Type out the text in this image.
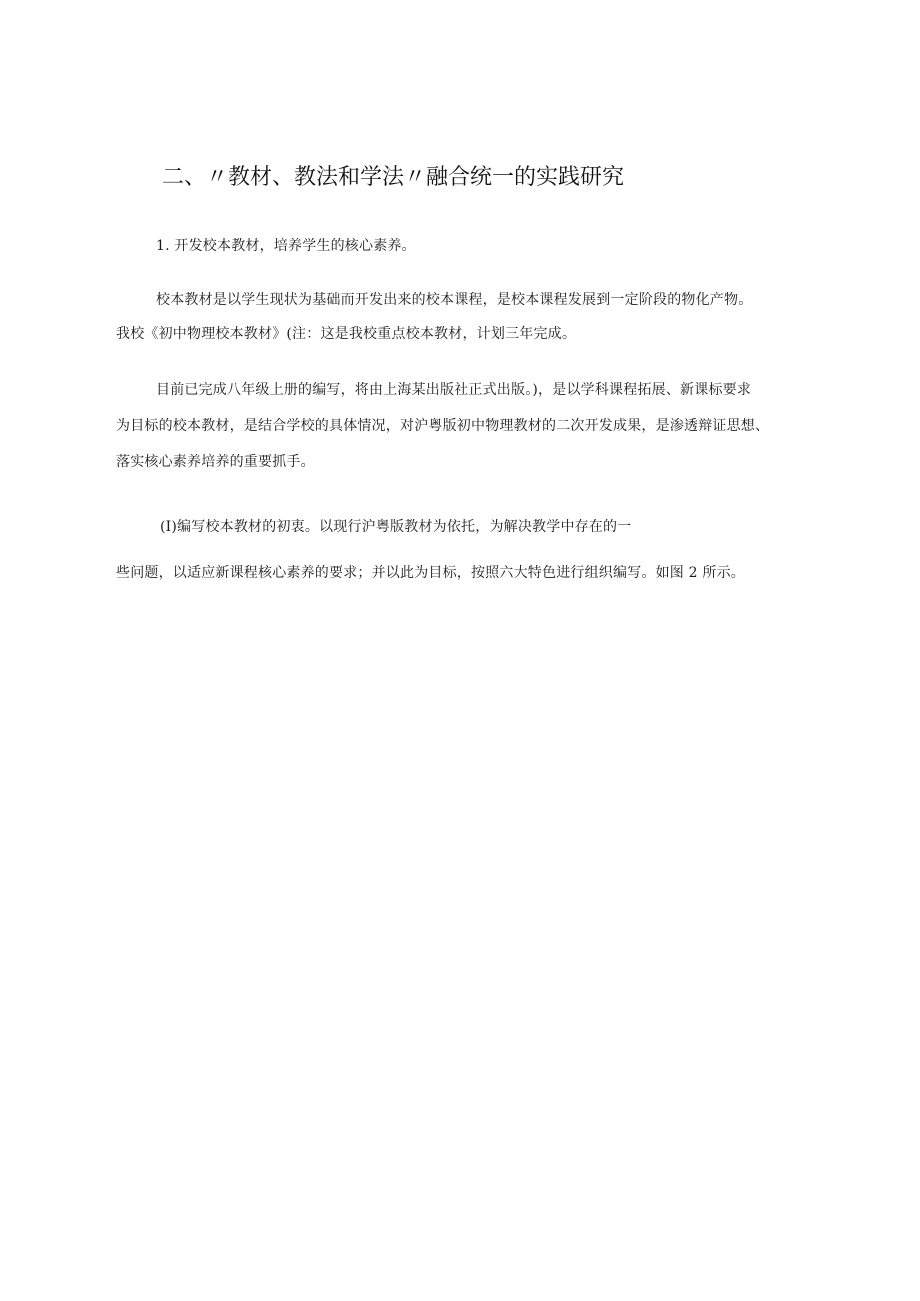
二、〃教材、教法和学法〃融合统一的实践研究
1. 开发校本教材，培养学生的核心素养。
校本教材是以学生现状为基础而开发出来的校本课程，是校本课程发展到一定阶段的物化产物。
我校《初中物理校本教材》(注：这是我校重点校本教材，计划三年完成。
目前已完成八年级上册的编写，将由上海某出版社正式出版。)，是以学科课程拓展、新课标要求
为目标的校本教材，是结合学校的具体情况，对沪粤版初中物理教材的二次开发成果，是渗透辩证思想、
落实核心素养培养的重要抓手。
(I)编写校本教材的初衷。以现行沪粤版教材为依托，为解决教学中存在的一
些问题，以适应新课程核心素养的要求；并以此为目标，按照六大特色进行组织编写。如图 2 所示。
